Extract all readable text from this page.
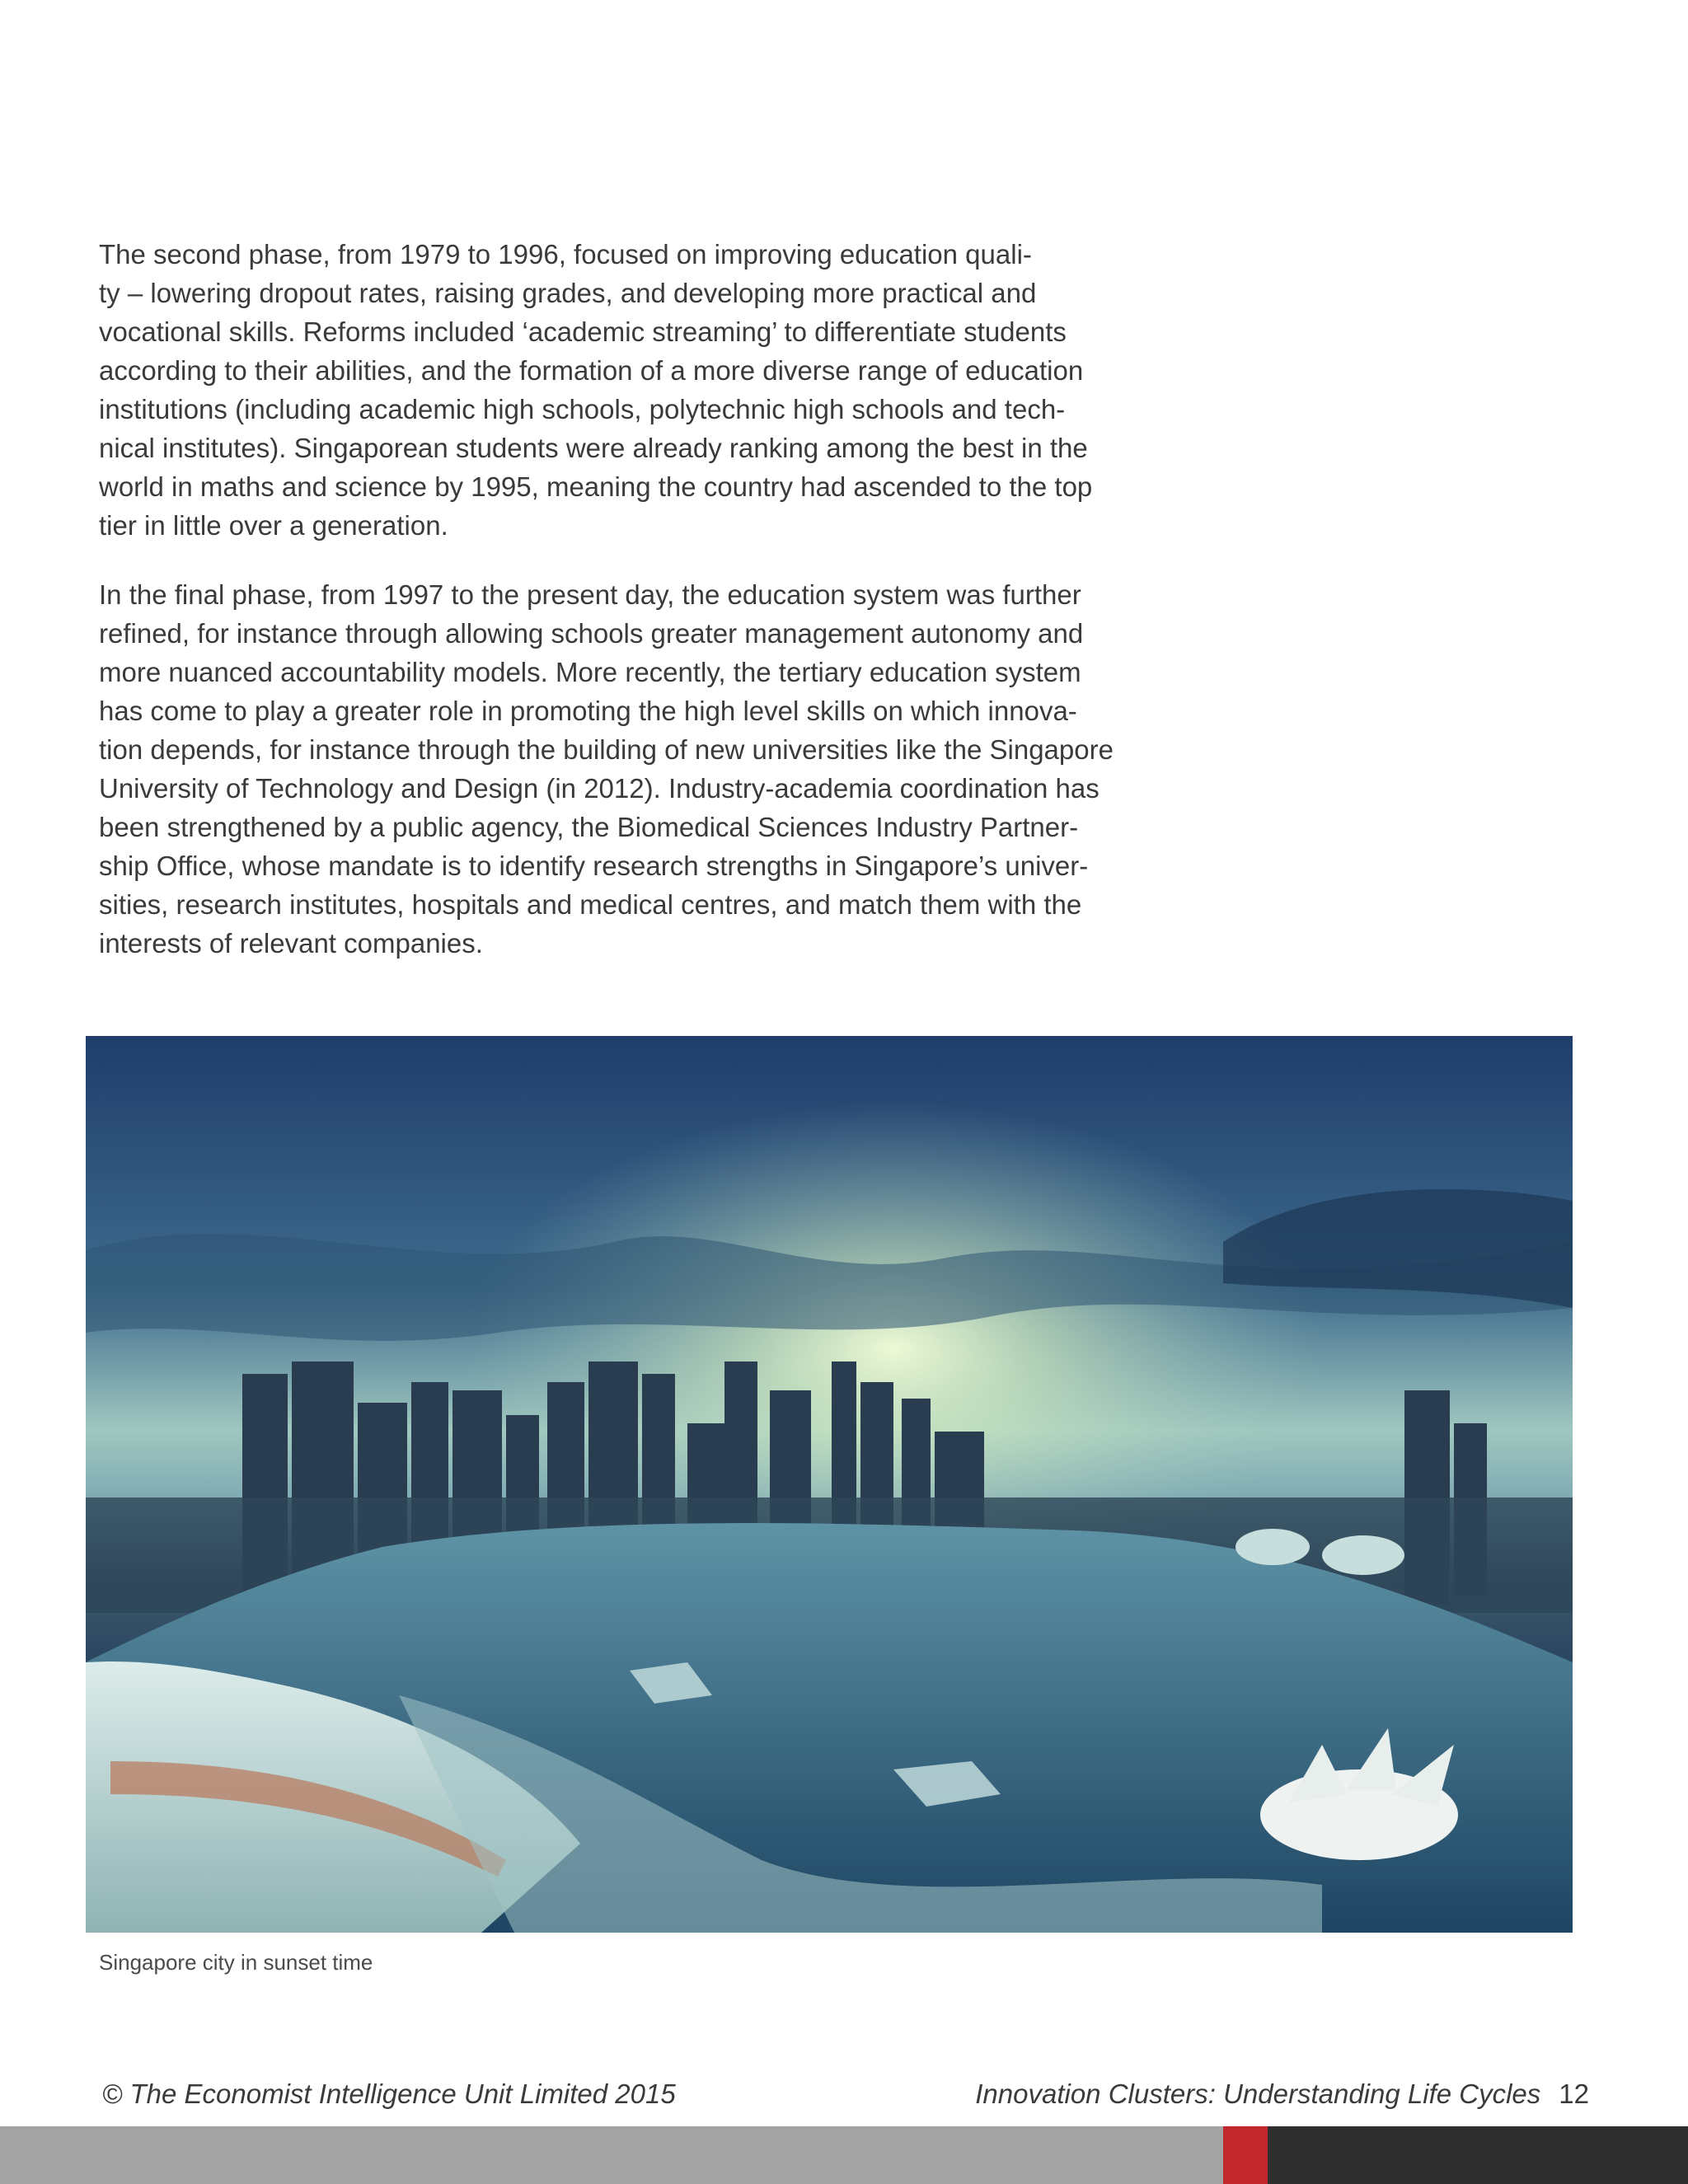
The second phase, from 1979 to 1996, focused on improving education quali-
ty – lowering dropout rates, raising grades, and developing more practical and
vocational skills. Reforms included ‘academic streaming’ to differentiate students
according to their abilities, and the formation of a more diverse range of education
institutions (including academic high schools, polytechnic high schools and tech-
nical institutes). Singaporean students were already ranking among the best in the
world in maths and science by 1995, meaning the country had ascended to the top
tier in little over a generation.
In the final phase, from 1997 to the present day, the education system was further
refined, for instance through allowing schools greater management autonomy and
more nuanced accountability models. More recently, the tertiary education system
has come to play a greater role in promoting the high level skills on which innova-
tion depends, for instance through the building of new universities like the Singapore
University of Technology and Design (in 2012). Industry-academia coordination has
been strengthened by a public agency, the Biomedical Sciences Industry Partner-
ship Office, whose mandate is to identify research strengths in Singapore’s univer-
sities, research institutes, hospitals and medical centres, and match them with the
interests of relevant companies.
Singapore city in sunset time
© The Economist Intelligence Unit Limited 2015	Innovation Clusters: Understanding Life Cycles 12
